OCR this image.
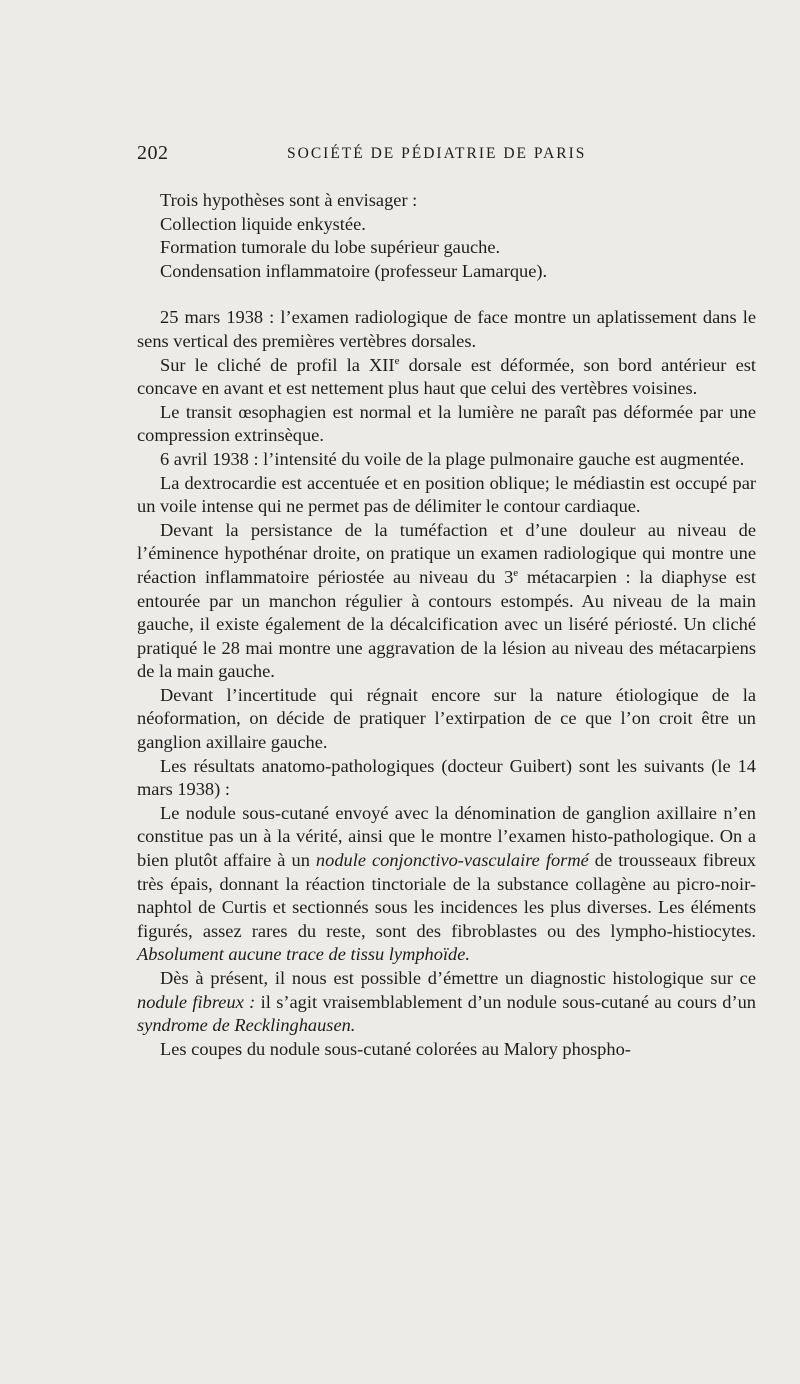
202	SOCIÉTÉ DE PÉDIATRIE DE PARIS

Trois hypothèses sont à envisager :

Collection liquide enkystée.

Formation tumorale du lobe supérieur gauche.

Condensation inflammatoire (professeur Lamarque).

25 mars 1938 : l’examen radiologique de face montre un aplatissement dans le sens vertical des premières vertèbres dorsales.

Sur le cliché de profil la XIIe dorsale est déformée, son bord antérieur est concave en avant et est nettement plus haut que celui des vertèbres voisines.

Le transit œsophagien est normal et la lumière ne paraît pas déformée par une compression extrinsèque.

6 avril 1938 : l’intensité du voile de la plage pulmonaire gauche est augmentée.

La dextrocardie est accentuée et en position oblique; le médiastin est occupé par un voile intense qui ne permet pas de délimiter le contour cardiaque.

Devant la persistance de la tuméfaction et d’une douleur au niveau de l’éminence hypothénar droite, on pratique un examen radiologique qui montre une réaction inflammatoire périostée au niveau du 3e métacarpien : la diaphyse est entourée par un manchon régulier à contours estompés. Au niveau de la main gauche, il existe également de la décalcification avec un liséré périosté. Un cliché pratiqué le 28 mai montre une aggravation de la lésion au niveau des métacarpiens de la main gauche.

Devant l’incertitude qui régnait encore sur la nature étiologique de la néoformation, on décide de pratiquer l’extirpation de ce que l’on croit être un ganglion axillaire gauche.

Les résultats anatomo-pathologiques (docteur Guibert) sont les suivants (le 14 mars 1938) :

Le nodule sous-cutané envoyé avec la dénomination de ganglion axillaire n’en constitue pas un à la vérité, ainsi que le montre l’examen histo-pathologique. On a bien plutôt affaire à un nodule conjonctivo-vasculaire formé de trousseaux fibreux très épais, donnant la réaction tinctoriale de la substance collagène au picro-noir-naphtol de Curtis et sectionnés sous les incidences les plus diverses. Les éléments figurés, assez rares du reste, sont des fibroblastes ou des lympho-histiocytes. Absolument aucune trace de tissu lymphoïde.

Dès à présent, il nous est possible d’émettre un diagnostic histologique sur ce nodule fibreux : il s’agit vraisemblablement d’un nodule sous-cutané au cours d’un syndrome de Recklinghausen.

Les coupes du nodule sous-cutané colorées au Malory phospho-
